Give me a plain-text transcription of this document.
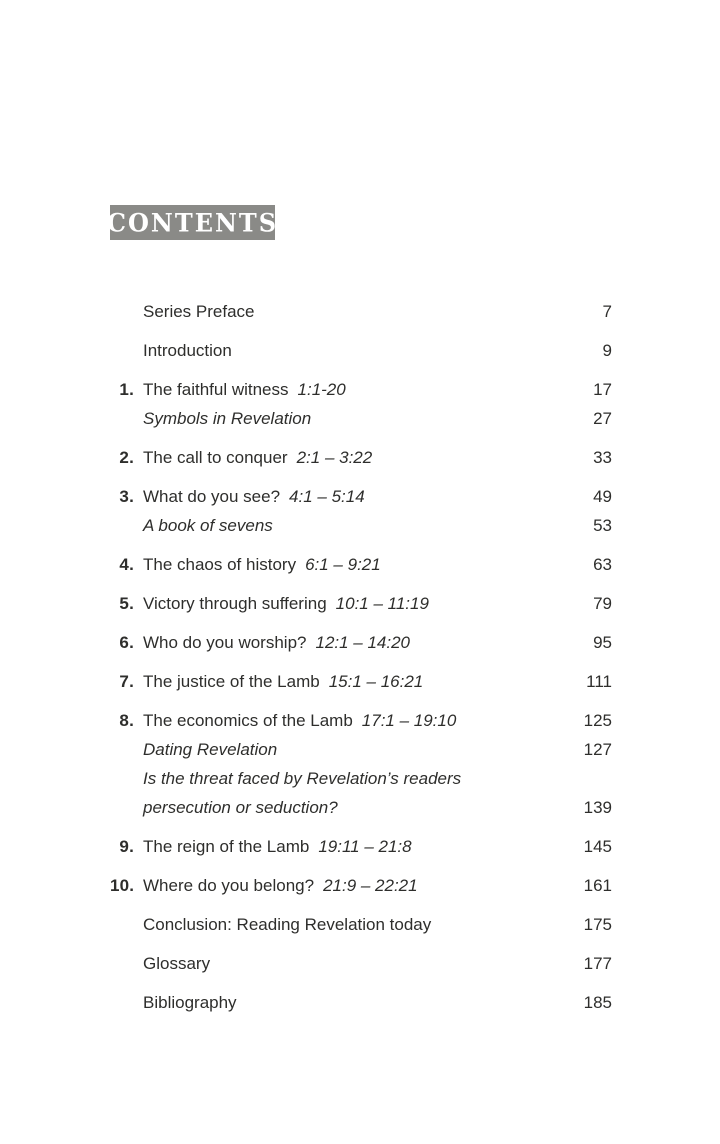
CONTENTS
Series Preface	7
Introduction	9
1. The faithful witness 1:1-20	17
Symbols in Revelation	27
2. The call to conquer 2:1 – 3:22	33
3. What do you see? 4:1 – 5:14	49
A book of sevens	53
4. The chaos of history 6:1 – 9:21	63
5. Victory through suffering 10:1 – 11:19	79
6. Who do you worship? 12:1 – 14:20	95
7. The justice of the Lamb 15:1 – 16:21	111
8. The economics of the Lamb 17:1 – 19:10	125
Dating Revelation	127
Is the threat faced by Revelation’s readers
persecution or seduction?	139
9. The reign of the Lamb 19:11 – 21:8	145
10. Where do you belong? 21:9 – 22:21	161
Conclusion: Reading Revelation today	175
Glossary	177
Bibliography	185
